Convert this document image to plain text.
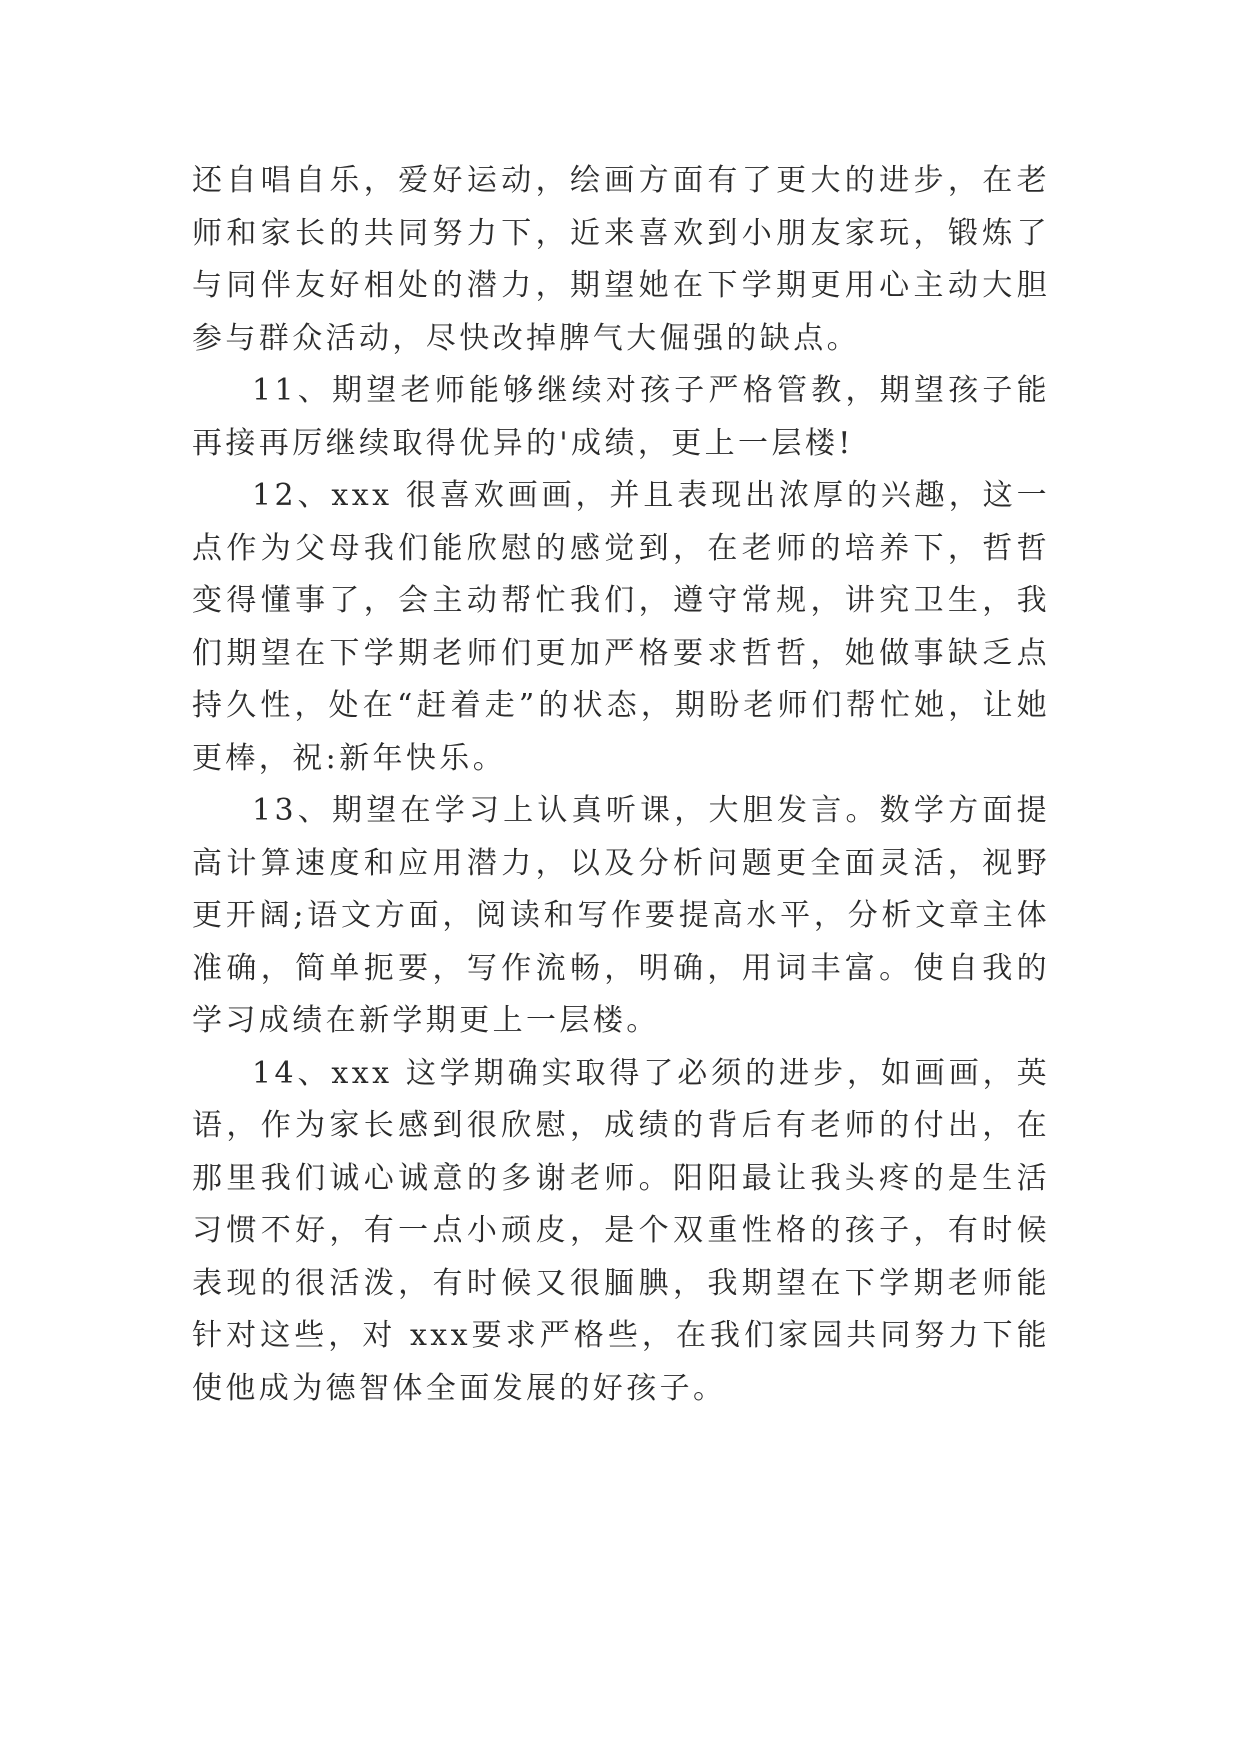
还自唱自乐，爱好运动，绘画方面有了更大的进步，在老师和家长的共同努力下，近来喜欢到小朋友家玩，锻炼了与同伴友好相处的潜力，期望她在下学期更用心主动大胆参与群众活动，尽快改掉脾气大倔强的缺点。

11、期望老师能够继续对孩子严格管教，期望孩子能再接再厉继续取得优异的'成绩，更上一层楼!

12、xxx 很喜欢画画，并且表现出浓厚的兴趣，这一点作为父母我们能欣慰的感觉到，在老师的培养下，哲哲变得懂事了，会主动帮忙我们，遵守常规，讲究卫生，我们期望在下学期老师们更加严格要求哲哲，她做事缺乏点持久性，处在“赶着走”的状态，期盼老师们帮忙她，让她更棒，祝:新年快乐。

13、期望在学习上认真听课，大胆发言。数学方面提高计算速度和应用潜力，以及分析问题更全面灵活，视野更开阔;语文方面，阅读和写作要提高水平，分析文章主体准确，简单扼要，写作流畅，明确，用词丰富。使自我的学习成绩在新学期更上一层楼。

14、xxx 这学期确实取得了必须的进步，如画画，英语，作为家长感到很欣慰，成绩的背后有老师的付出，在那里我们诚心诚意的多谢老师。阳阳最让我头疼的是生活习惯不好，有一点小顽皮，是个双重性格的孩子，有时候表现的很活泼，有时候又很腼腆，我期望在下学期老师能针对这些，对 xxx要求严格些，在我们家园共同努力下能使他成为德智体全面发展的好孩子。
